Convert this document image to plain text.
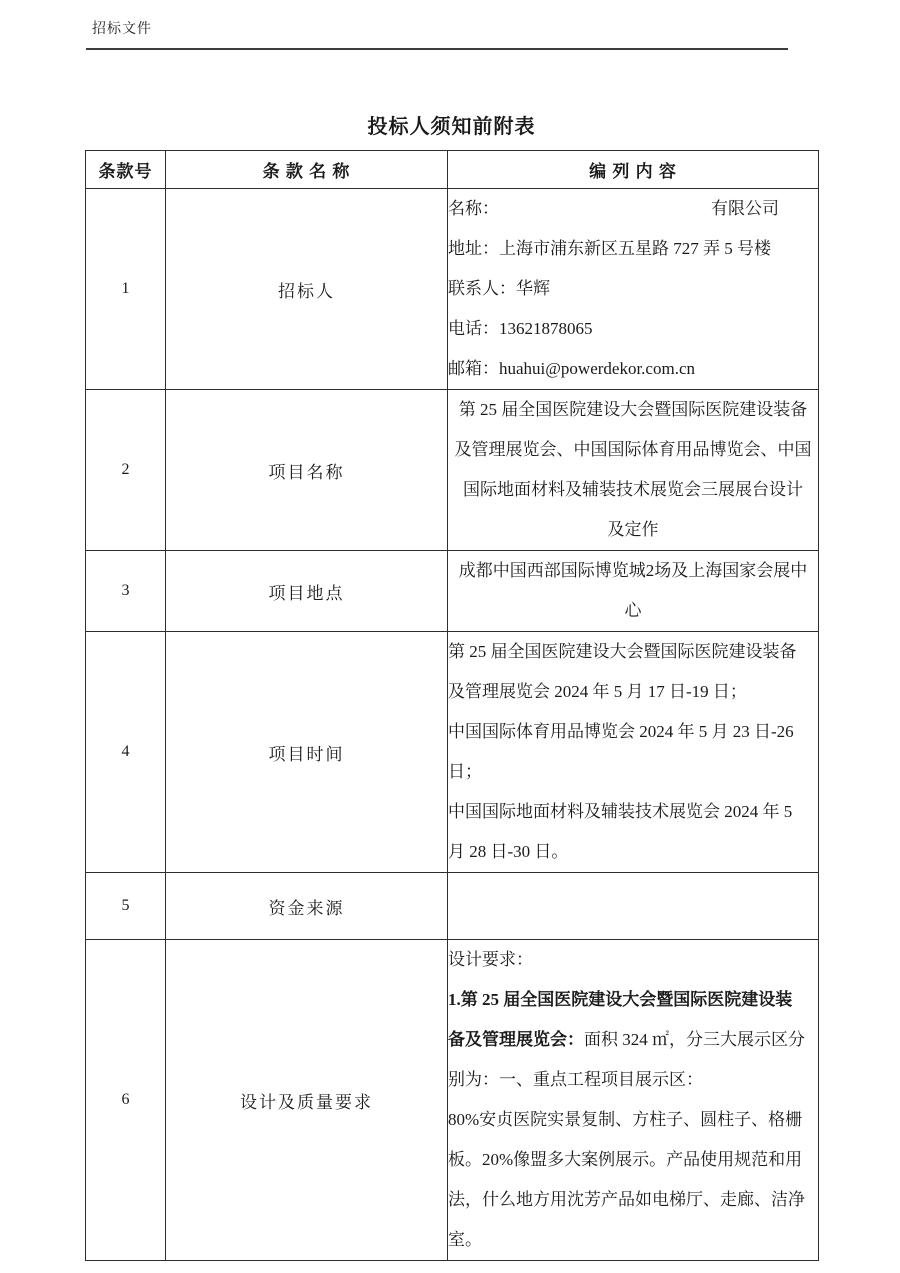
招标文件
投标人须知前附表
条款号	条 款 名 称	编 列 内 容
1	招标人	名称： 有限公司
地址：上海市浦东新区五星路 727 弄 5 号楼
联系人：华辉
电话：13621878065
邮箱：huahui@powerdekor.com.cn

2	项目名称	第 25 届全国医院建设大会暨国际医院建设装备
及管理展览会、中国国际体育用品博览会、中国
国际地面材料及辅装技术展览会三展展台设计
及定作

3	项目地点	成都中国西部国际博览城2场及上海国家会展中
心

4	项目时间	
第 25 届全国医院建设大会暨国际医院建设装备
及管理展览会 2024 年 5 月 17 日-19 日；
中国国际体育用品博览会 2024 年 5 月 23 日-26
日；
中国国际地面材料及辅装技术展览会 2024 年 5
月 28 日-30 日。

5	资金来源	
6	设计及质量要求	
设计要求：
1.第 25 届全国医院建设大会暨国际医院建设装
备及管理展览会：面积 324 ㎡，分三大展示区分
别为：一、重点工程项目展示区：
80%安贞医院实景复制、方柱子、圆柱子、格栅
板。20%像盟多大案例展示。产品使用规范和用
法，什么地方用沈芳产品如电梯厅、走廊、洁净
室。
